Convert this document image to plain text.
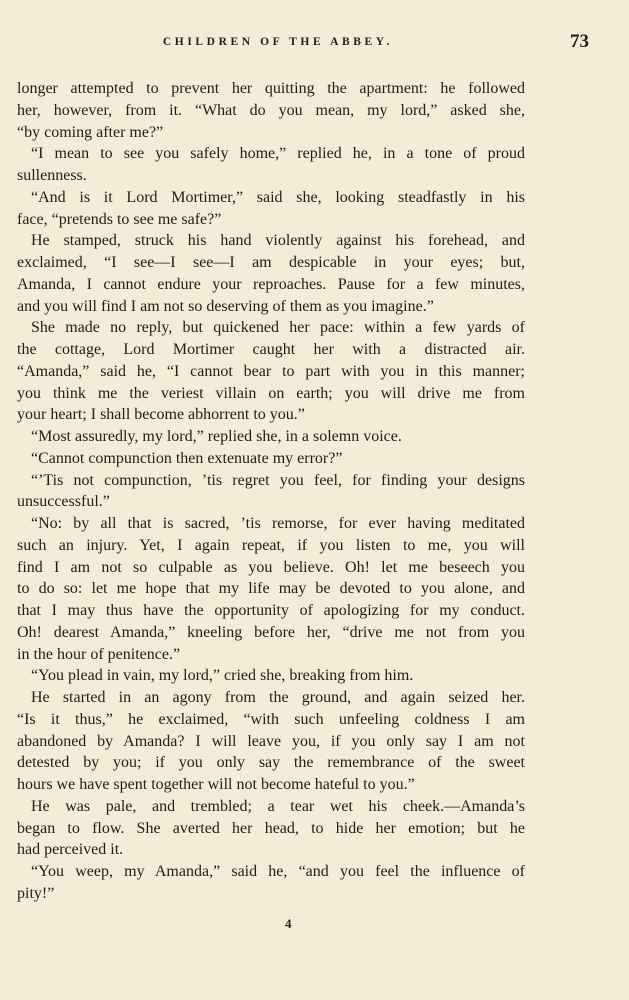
CHILDREN OF THE ABBEY.	73
longer attempted to prevent her quitting the apartment: he followed
her, however, from it. “What do you mean, my lord,” asked she,
“by coming after me?”
“I mean to see you safely home,” replied he, in a tone of proud
sullenness.
“And is it Lord Mortimer,” said she, looking steadfastly in his
face, “pretends to see me safe?”
He stamped, struck his hand violently against his forehead, and
exclaimed, “I see—I see—I am despicable in your eyes; but,
Amanda, I cannot endure your reproaches. Pause for a few minutes,
and you will find I am not so deserving of them as you imagine.”
She made no reply, but quickened her pace: within a few yards of
the cottage, Lord Mortimer caught her with a distracted air.
“Amanda,” said he, “I cannot bear to part with you in this manner;
you think me the veriest villain on earth; you will drive me from
your heart; I shall become abhorrent to you.”
“Most assuredly, my lord,” replied she, in a solemn voice.
“Cannot compunction then extenuate my error?”
“’Tis not compunction, ’tis regret you feel, for finding your designs
unsuccessful.”
“No: by all that is sacred, ’tis remorse, for ever having meditated
such an injury. Yet, I again repeat, if you listen to me, you will
find I am not so culpable as you believe. Oh! let me beseech you
to do so: let me hope that my life may be devoted to you alone, and
that I may thus have the opportunity of apologizing for my conduct.
Oh! dearest Amanda,” kneeling before her, “drive me not from you
in the hour of penitence.”
“You plead in vain, my lord,” cried she, breaking from him.
He started in an agony from the ground, and again seized her.
“Is it thus,” he exclaimed, “with such unfeeling coldness I am
abandoned by Amanda? I will leave you, if you only say I am not
detested by you; if you only say the remembrance of the sweet
hours we have spent together will not become hateful to you.”
He was pale, and trembled; a tear wet his cheek.—Amanda’s
began to flow. She averted her head, to hide her emotion; but he
had perceived it.
“You weep, my Amanda,” said he, “and you feel the influence of
pity!”
4
